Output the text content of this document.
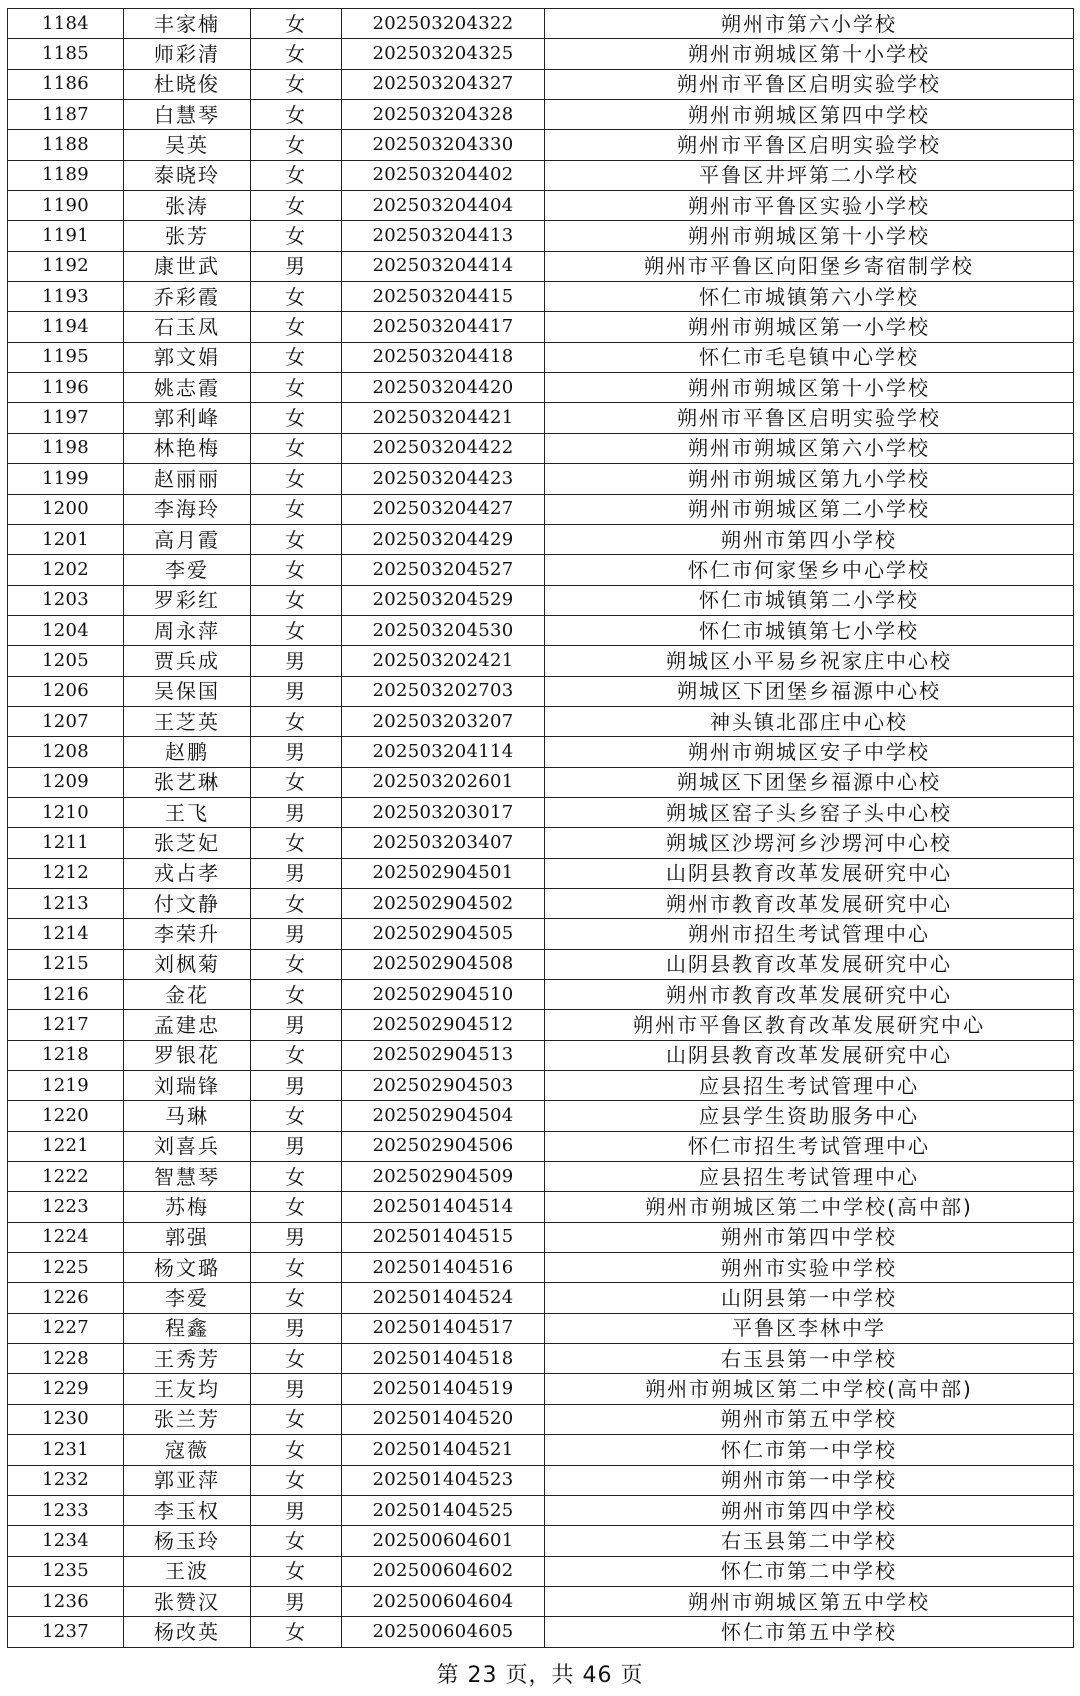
1184	丰家楠	女	202503204322	朔州市第六小学校
1185	师彩清	女	202503204325	朔州市朔城区第十小学校
1186	杜晓俊	女	202503204327	朔州市平鲁区启明实验学校
1187	白慧琴	女	202503204328	朔州市朔城区第四中学校
1188	吴英	女	202503204330	朔州市平鲁区启明实验学校
1189	泰晓玲	女	202503204402	平鲁区井坪第二小学校
1190	张涛	女	202503204404	朔州市平鲁区实验小学校
1191	张芳	女	202503204413	朔州市朔城区第十小学校
1192	康世武	男	202503204414	朔州市平鲁区向阳堡乡寄宿制学校
1193	乔彩霞	女	202503204415	怀仁市城镇第六小学校
1194	石玉凤	女	202503204417	朔州市朔城区第一小学校
1195	郭文娟	女	202503204418	怀仁市毛皂镇中心学校
1196	姚志霞	女	202503204420	朔州市朔城区第十小学校
1197	郭利峰	女	202503204421	朔州市平鲁区启明实验学校
1198	林艳梅	女	202503204422	朔州市朔城区第六小学校
1199	赵丽丽	女	202503204423	朔州市朔城区第九小学校
1200	李海玲	女	202503204427	朔州市朔城区第二小学校
1201	高月霞	女	202503204429	朔州市第四小学校
1202	李爱	女	202503204527	怀仁市何家堡乡中心学校
1203	罗彩红	女	202503204529	怀仁市城镇第二小学校
1204	周永萍	女	202503204530	怀仁市城镇第七小学校
1205	贾兵成	男	202503202421	朔城区小平易乡祝家庄中心校
1206	吴保国	男	202503202703	朔城区下团堡乡福源中心校
1207	王芝英	女	202503203207	神头镇北邵庄中心校
1208	赵鹏	男	202503204114	朔州市朔城区安子中学校
1209	张艺琳	女	202503202601	朔城区下团堡乡福源中心校
1210	王飞	男	202503203017	朔城区窑子头乡窑子头中心校
1211	张芝妃	女	202503203407	朔城区沙塄河乡沙塄河中心校
1212	戎占孝	男	202502904501	山阴县教育改革发展研究中心
1213	付文静	女	202502904502	朔州市教育改革发展研究中心
1214	李荣升	男	202502904505	朔州市招生考试管理中心
1215	刘枫菊	女	202502904508	山阴县教育改革发展研究中心
1216	金花	女	202502904510	朔州市教育改革发展研究中心
1217	孟建忠	男	202502904512	朔州市平鲁区教育改革发展研究中心
1218	罗银花	女	202502904513	山阴县教育改革发展研究中心
1219	刘瑞锋	男	202502904503	应县招生考试管理中心
1220	马琳	女	202502904504	应县学生资助服务中心
1221	刘喜兵	男	202502904506	怀仁市招生考试管理中心
1222	智慧琴	女	202502904509	应县招生考试管理中心
1223	苏梅	女	202501404514	朔州市朔城区第二中学校(高中部)
1224	郭强	男	202501404515	朔州市第四中学校
1225	杨文璐	女	202501404516	朔州市实验中学校
1226	李爱	女	202501404524	山阴县第一中学校
1227	程鑫	男	202501404517	平鲁区李林中学
1228	王秀芳	女	202501404518	右玉县第一中学校
1229	王友均	男	202501404519	朔州市朔城区第二中学校(高中部)
1230	张兰芳	女	202501404520	朔州市第五中学校
1231	寇薇	女	202501404521	怀仁市第一中学校
1232	郭亚萍	女	202501404523	朔州市第一中学校
1233	李玉权	男	202501404525	朔州市第四中学校
1234	杨玉玲	女	202500604601	右玉县第二中学校
1235	王波	女	202500604602	怀仁市第二中学校
1236	张赞汉	男	202500604604	朔州市朔城区第五中学校
1237	杨改英	女	202500604605	怀仁市第五中学校
第 23 页，共 46 页
